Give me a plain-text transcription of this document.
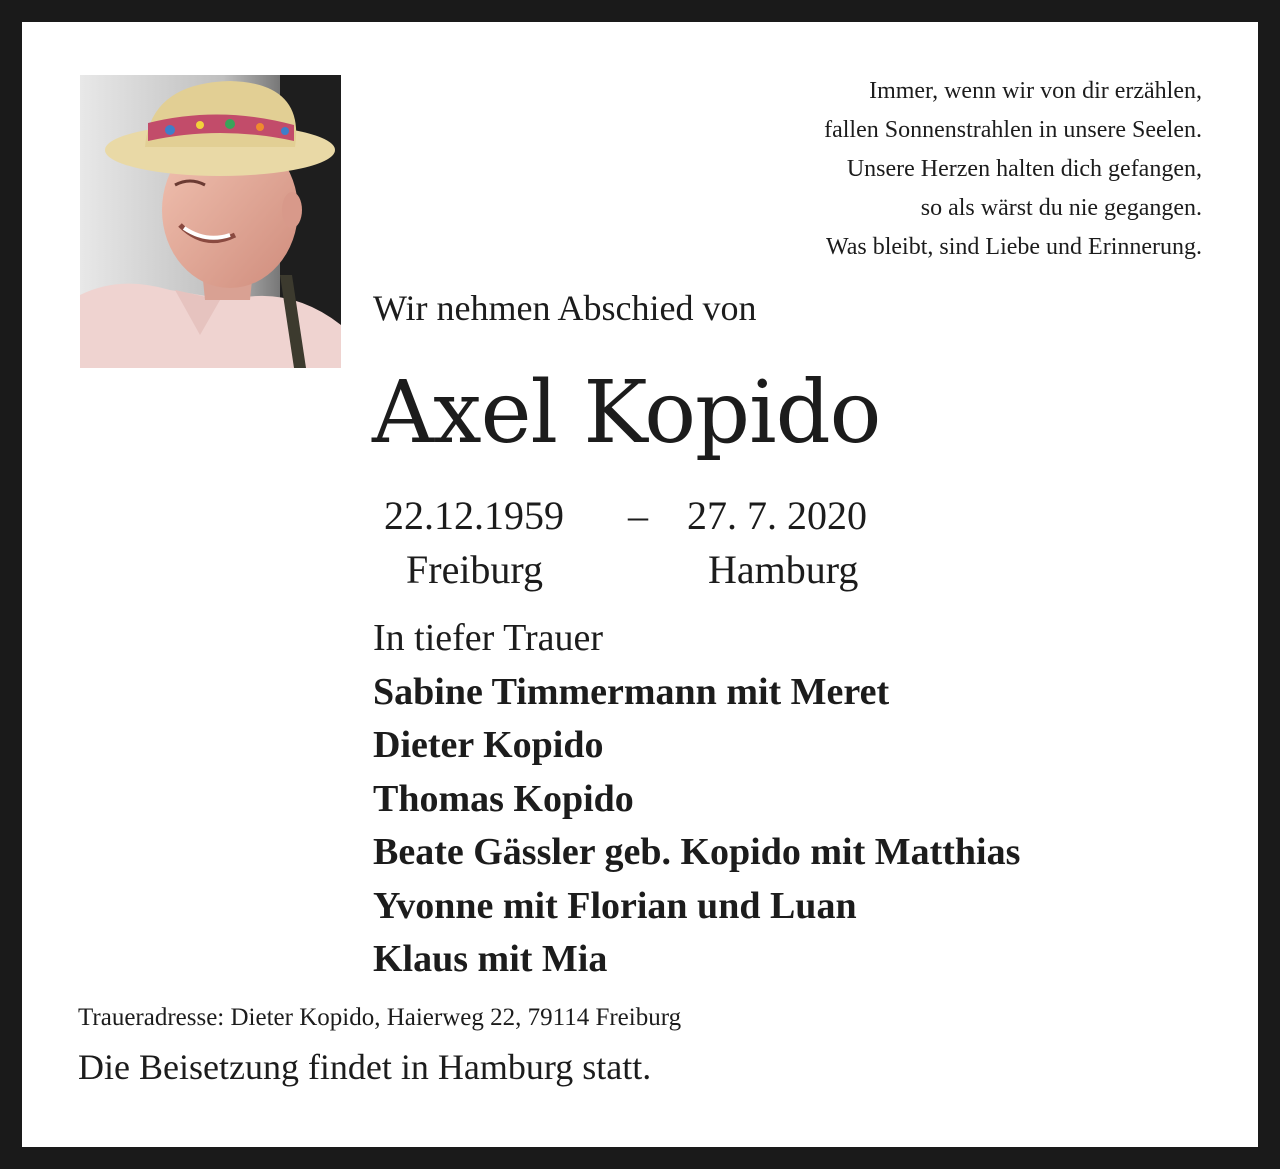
Immer, wenn wir von dir erzählen,
fallen Sonnenstrahlen in unsere Seelen.
Unsere Herzen halten dich gefangen,
so als wärst du nie gegangen.
Was bleibt, sind Liebe und Erinnerung.
Wir nehmen Abschied von
Axel Kopido
22.12.1959 – 27. 7. 2020
Freiburg	Hamburg
In tiefer Trauer
Sabine Timmermann mit Meret
Dieter Kopido
Thomas Kopido
Beate Gässler geb. Kopido mit Matthias
Yvonne mit Florian und Luan
Klaus mit Mia
Traueradresse: Dieter Kopido, Haierweg 22, 79114 Freiburg
Die Beisetzung findet in Hamburg statt.
